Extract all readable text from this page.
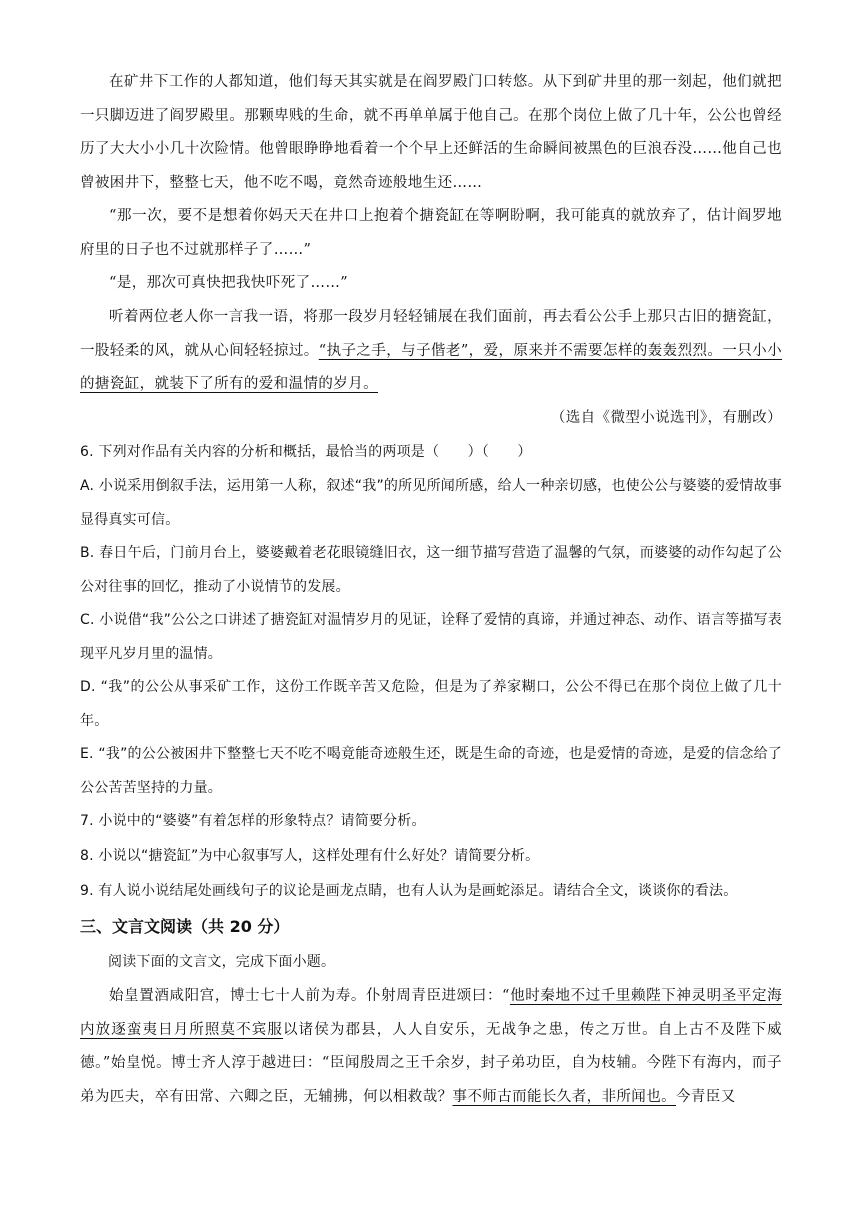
在矿井下工作的人都知道，他们每天其实就是在阎罗殿门口转悠。从下到矿井里的那一刻起，他们就把一只脚迈进了阎罗殿里。那颗卑贱的生命，就不再单单属于他自己。在那个岗位上做了几十年，公公也曾经历了大大小小几十次险情。他曾眼睁睁地看着一个个早上还鲜活的生命瞬间被黑色的巨浪吞没……他自己也曾被困井下，整整七天，他不吃不喝，竟然奇迹般地生还……

“那一次，要不是想着你妈天天在井口上抱着个搪瓷缸在等啊盼啊，我可能真的就放弃了，估计阎罗地府里的日子也不过就那样子了……”

“是，那次可真快把我快吓死了……”

听着两位老人你一言我一语，将那一段岁月轻轻铺展在我们面前，再去看公公手上那只古旧的搪瓷缸，一股轻柔的风，就从心间轻轻掠过。“执子之手，与子偕老”，爱，原来并不需要怎样的轰轰烈烈。一只小小的搪瓷缸，就装下了所有的爱和温情的岁月。

（选自《微型小说选刊》，有删改）

6. 下列对作品有关内容的分析和概括，最恰当的两项是（　　）（　　）

A. 小说采用倒叙手法，运用第一人称，叙述“我”的所见所闻所感，给人一种亲切感，也使公公与婆婆的爱情故事显得真实可信。

B. 春日午后，门前月台上，婆婆戴着老花眼镜缝旧衣，这一细节描写营造了温馨的气氛，而婆婆的动作勾起了公公对往事的回忆，推动了小说情节的发展。

C. 小说借“我”公公之口讲述了搪瓷缸对温情岁月的见证，诠释了爱情的真谛，并通过神态、动作、语言等描写表现平凡岁月里的温情。

D. “我”的公公从事采矿工作，这份工作既辛苦又危险，但是为了养家糊口，公公不得已在那个岗位上做了几十年。

E. “我”的公公被困井下整整七天不吃不喝竟能奇迹般生还，既是生命的奇迹，也是爱情的奇迹，是爱的信念给了公公苦苦坚持的力量。

7. 小说中的“婆婆”有着怎样的形象特点？请简要分析。

8. 小说以“搪瓷缸”为中心叙事写人，这样处理有什么好处？请简要分析。

9. 有人说小说结尾处画线句子的议论是画龙点睛，也有人认为是画蛇添足。请结合全文，谈谈你的看法。

三、文言文阅读（共 20 分）

阅读下面的文言文，完成下面小题。

始皇置酒咸阳宫，博士七十人前为寿。仆射周青臣进颂曰：“他时秦地不过千里赖陛下神灵明圣平定海内放逐蛮夷日月所照莫不宾服以诸侯为郡县，人人自安乐，无战争之患，传之万世。自上古不及陛下威德。”始皇悦。博士齐人淳于越进曰：“臣闻殷周之王千余岁，封子弟功臣，自为枝辅。今陛下有海内，而子弟为匹夫，卒有田常、六卿之臣，无辅拂，何以相救哉？事不师古而能长久者，非所闻也。今青臣又
